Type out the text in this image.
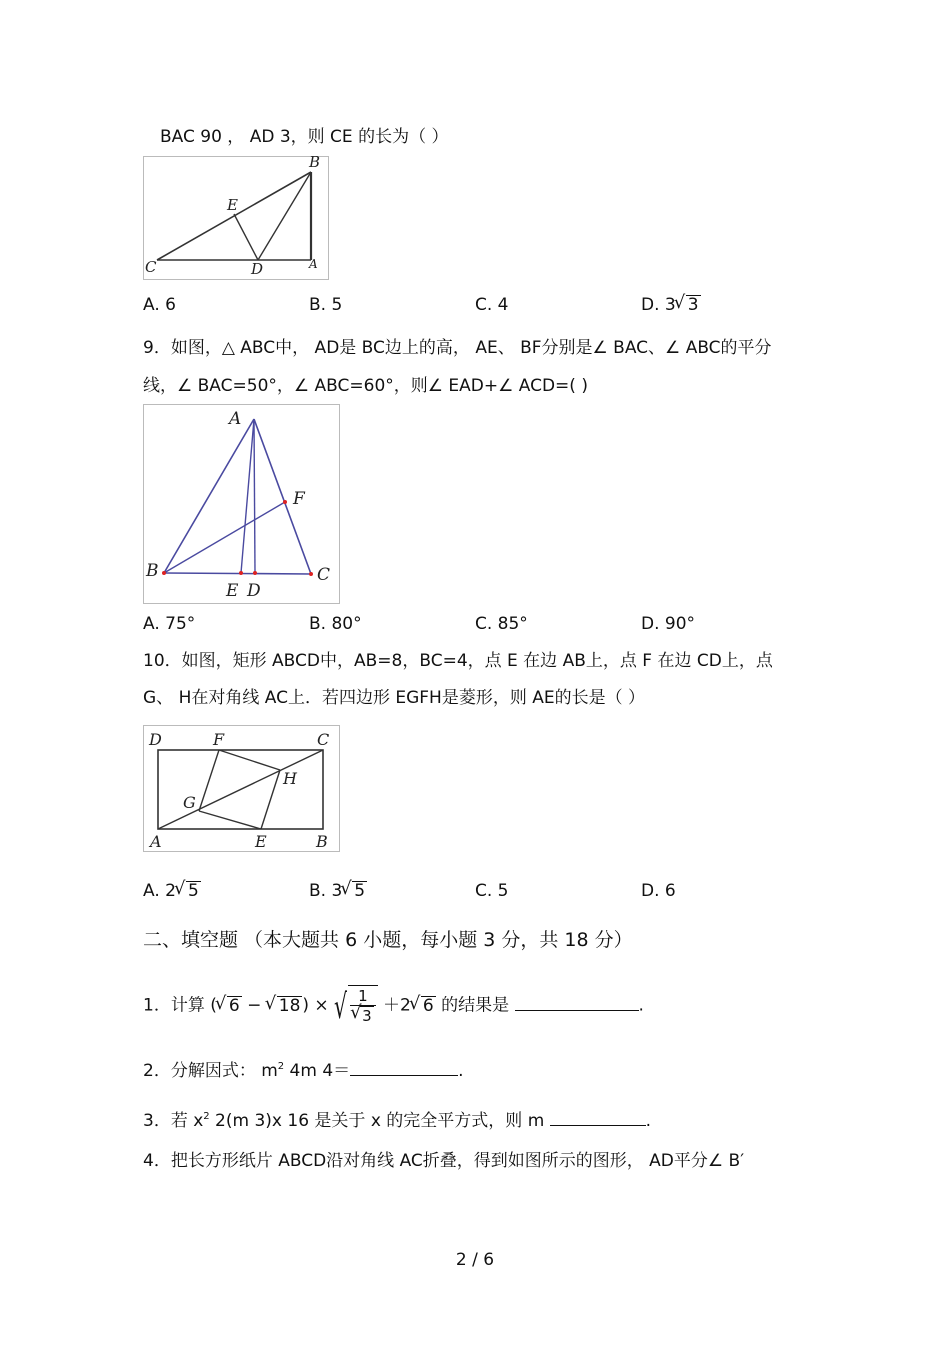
BAC 90 ， AD 3，则 CE 的长为（ ）
B
E
C	D	A
A. 6	B. 5	C. 4	D. 3 √ 3
9．如图，△ ABC中， AD是 BC边上的高， AE、 BF分别是∠ BAC、∠ ABC的平分
线，∠ BAC=50°，∠ ABC=60°，则∠ EAD+∠ ACD=( )
A
F
B
E D
C
A. 75°	B. 80°	C. 85°	D. 90°
10．如图，矩形 ABCD中，AB=8，BC=4，点 E 在边 AB上，点 F 在边 CD上，点
G、 H在对角线 AC上．若四边形 EGFH是菱形，则 AE的长是（ ）
D	F	C
H
G
A	E	B
A. 2 √ 5	B. 3 √ 5	C. 5	D. 6
二、填空题 （本大题共 6 小题，每小题 3 分，共 18 分）
1．计算 ( √ 6 − √ 18 ) × √ 1
√ 3 ＋2 √ 6 的结果是	.
2．分解因式： $m^2$ 4m 4＝	.
3．若 $x^2$ 2(m 3)x 16 是关于 x 的完全平方式，则 m	.
4．把长方形纸片 ABCD沿对角线 AC折叠，得到如图所示的图形， AD平分∠ B′
2 / 6
